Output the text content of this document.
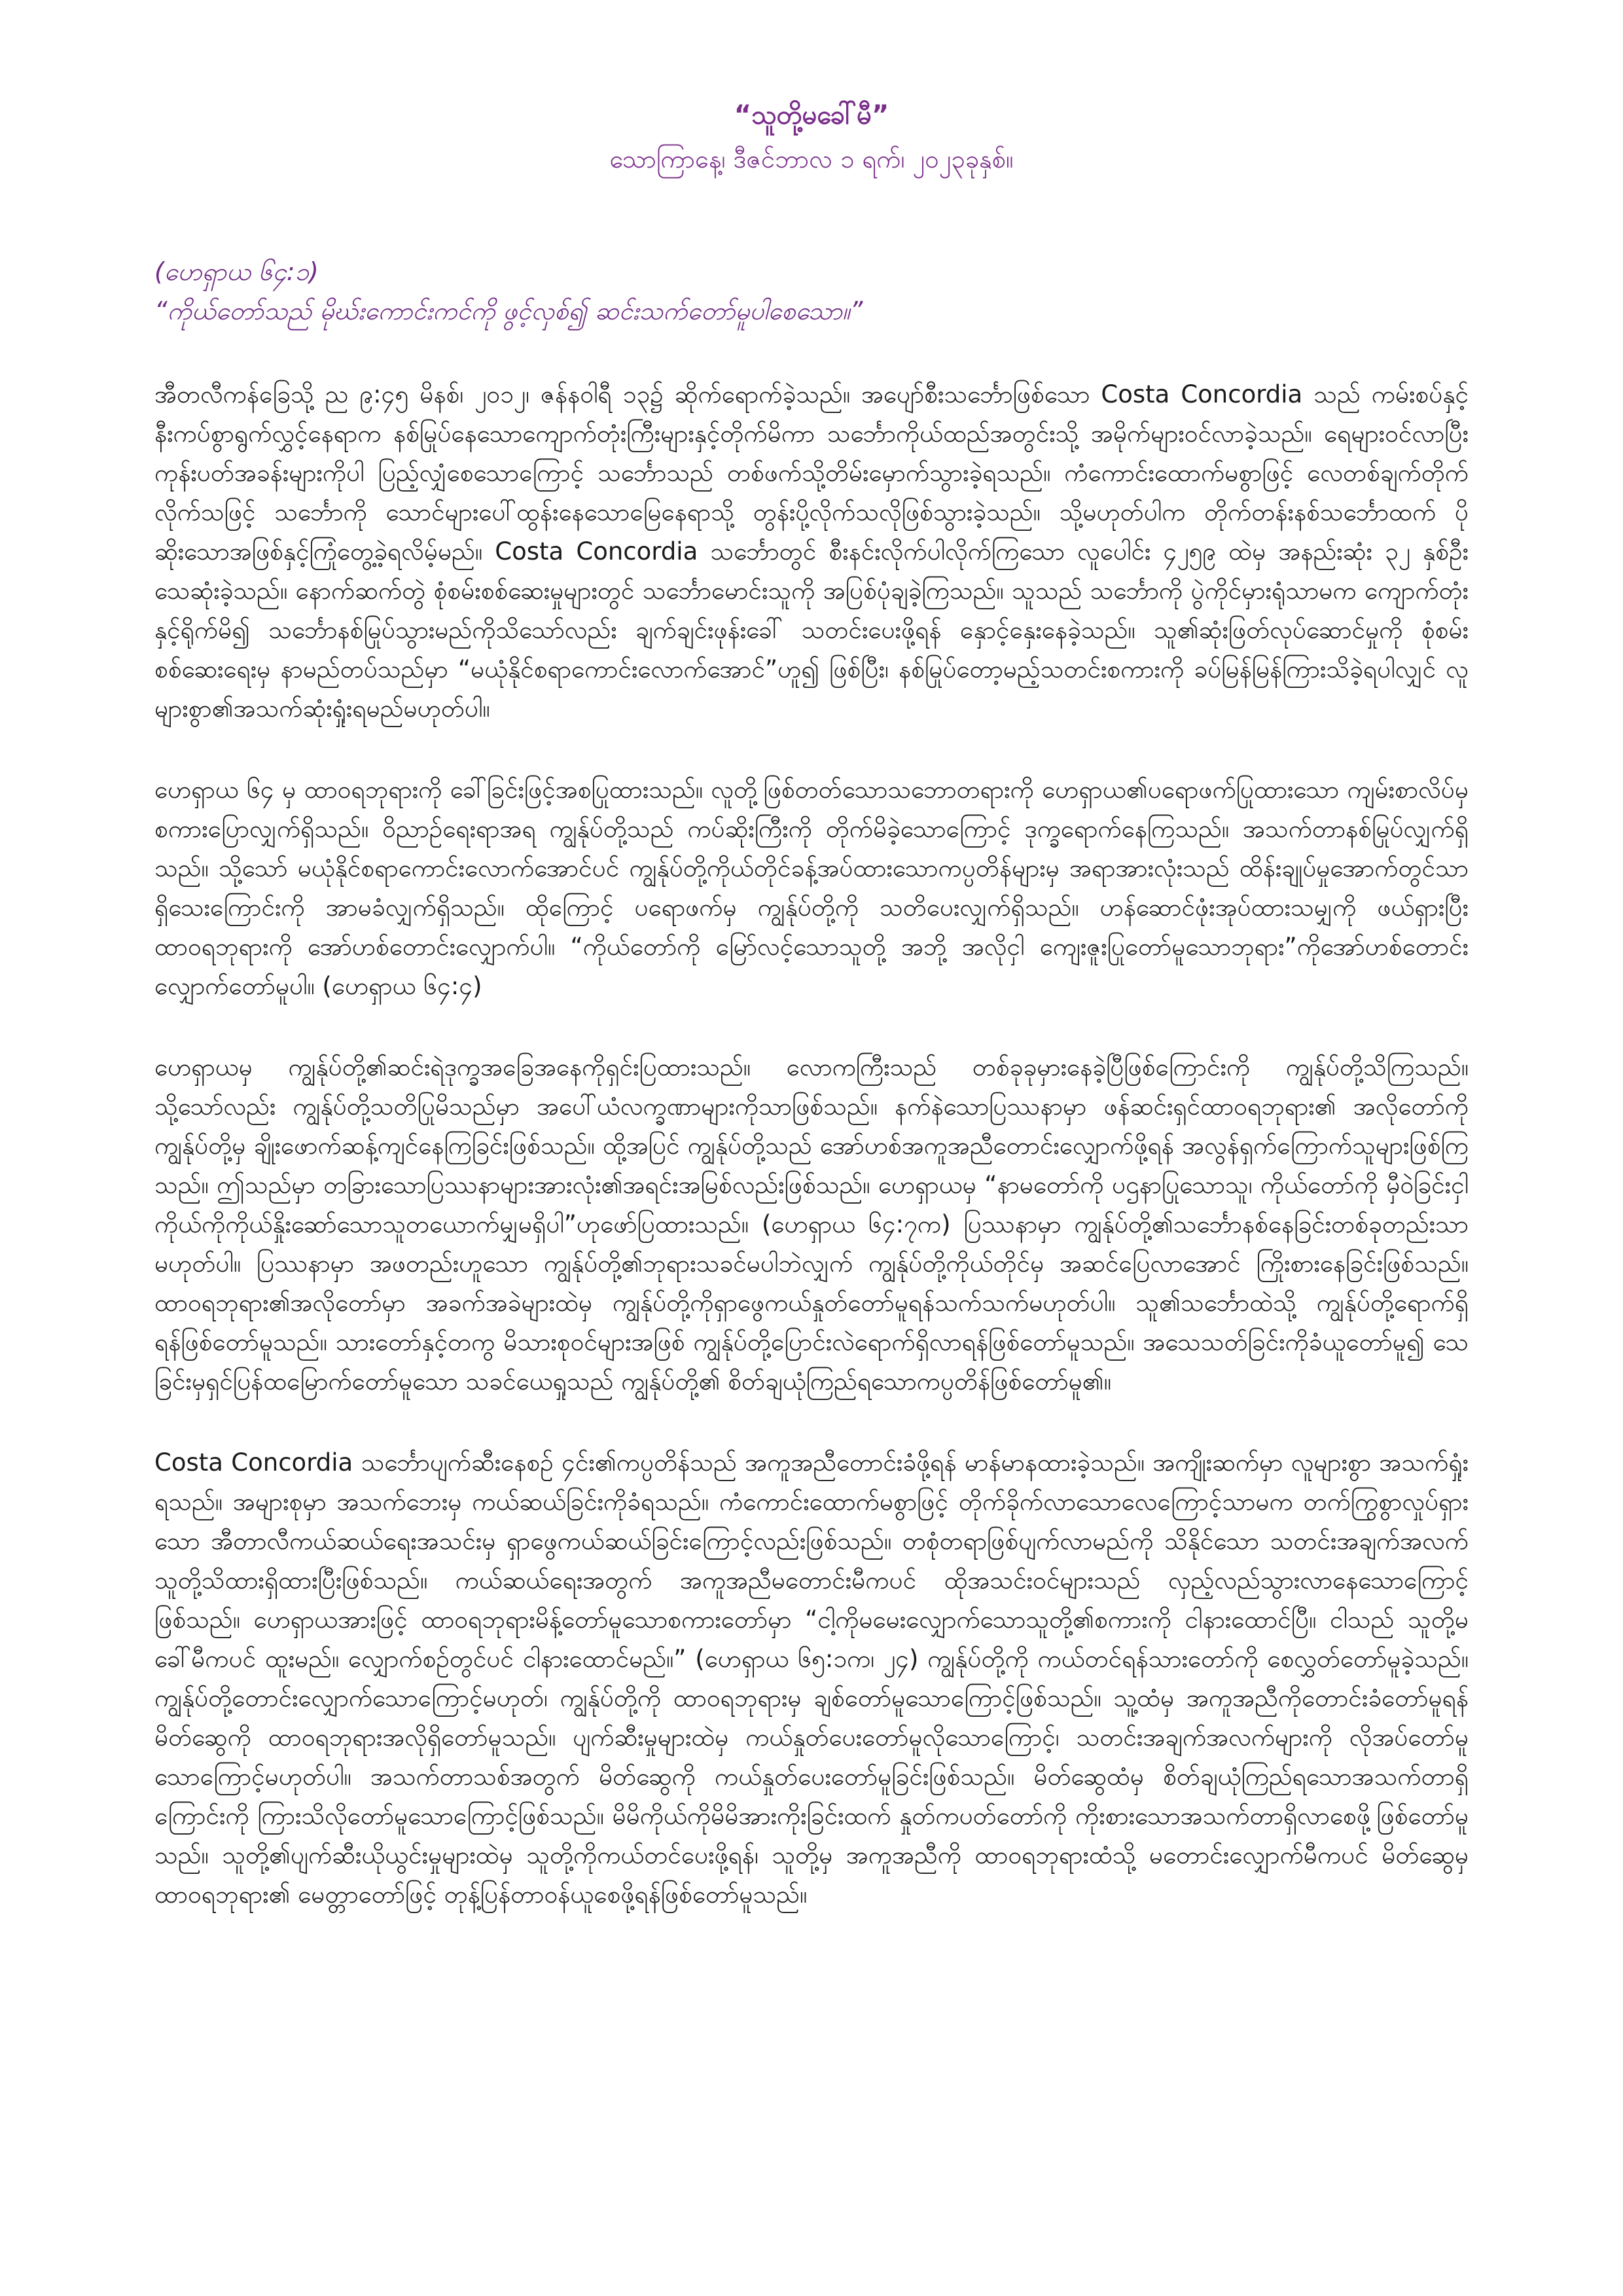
“သူတို့မခေါ်မီ”
သောကြာနေ့၊ ဒီဇင်ဘာလ ၁ ရက်၊ ၂၀၂၃ခုနှစ်။

(ဟေရှာယ ၆၄:၁)

“ကိုယ်တော်သည် မိုဃ်းကောင်းကင်ကို ဖွင့်လှစ်၍ ဆင်းသက်တော်မူပါစေသော။”

အီတလီကန်ခြေသို့ ည ၉:၄၅ မိနစ်၊ ၂၀၁၂၊ ဇန်နဝါရီ ၁၃၌ ဆိုက်ရောက်ခဲ့သည်။ အပျော်စီးသင်္ဘောဖြစ်သော Costa Concordia သည် ကမ်းစပ်နှင့်နီးကပ်စွာရွက်လွှင့်နေရာက နစ်မြုပ်နေသောကျောက်တုံးကြီးများနှင့်တိုက်မိကာ သင်္ဘောကိုယ်ထည်အတွင်းသို့ အမိုက်များဝင်လာခဲ့သည်။ ရေများဝင်လာပြီး ကုန်းပတ်အခန်းများကိုပါ ပြည့်လျှံစေသောကြောင့် သင်္ဘောသည် တစ်ဖက်သို့တိမ်းမှောက်သွားခဲ့ရသည်။ ကံကောင်းထောက်မစွာဖြင့် လေတစ်ချက်တိုက်လိုက်သဖြင့် သင်္ဘောကို သောင်များပေါ်ထွန်းနေသောမြေနေရာသို့ တွန်းပို့လိုက်သလိုဖြစ်သွားခဲ့သည်။ သို့မဟုတ်ပါက တိုက်တန်းနစ်သင်္ဘောထက် ပိုဆိုးသောအဖြစ်နှင့်ကြုံတွေ့ခဲ့ရလိမ့်မည်။ Costa Concordia သင်္ဘောတွင် စီးနင်းလိုက်ပါလိုက်ကြသော လူပေါင်း ၄၂၅၉ ထဲမှ အနည်းဆုံး ၃၂ နှစ်ဦးသေဆုံးခဲ့သည်။ နောက်ဆက်တွဲ စုံစမ်းစစ်ဆေးမှုများတွင် သင်္ဘောမောင်းသူကို အပြစ်ပုံချခဲ့ကြသည်။ သူသည် သင်္ဘောကို ပွဲကိုင်မှားရုံသာမက ကျောက်တုံးနှင့်ရိုက်မိ၍ သင်္ဘောနစ်မြုပ်သွားမည်ကိုသိသော်လည်း ချက်ချင်းဖုန်းခေါ် သတင်းပေးဖို့ရန် နှောင့်နှေးနေခဲ့သည်။ သူ၏ဆုံးဖြတ်လုပ်ဆောင်မှုကို စုံစမ်းစစ်ဆေးရေးမှ နာမည်တပ်သည်မှာ “မယုံနိုင်စရာကောင်းလောက်အောင်”ဟူ၍ ဖြစ်ပြီး၊ နစ်မြုပ်တော့မည့်သတင်းစကားကို ခပ်မြန်မြန်ကြားသိခဲ့ရပါလျှင် လူများစွာ၏အသက်ဆုံးရှုံးရမည်မဟုတ်ပါ။

ဟေရှာယ ၆၄ မှ ထာဝရဘုရားကို ခေါ်ခြင်းဖြင့်အစပြုထားသည်။ လူတို့ဖြစ်တတ်သောသဘောတရားကို ဟေရှာယ၏ပရောဖက်ပြုထားသော ကျမ်းစာလိပ်မှ စကားပြောလျှက်ရှိသည်။ ဝိညာဉ်ရေးရာအရ ကျွန်ုပ်တို့သည် ကပ်ဆိုးကြီးကို တိုက်မိခဲ့သောကြောင့် ဒုက္ခရောက်နေကြသည်။ အသက်တာနစ်မြုပ်လျှက်ရှိသည်။ သို့သော် မယုံနိုင်စရာကောင်းလောက်အောင်ပင် ကျွန်ုပ်တို့ကိုယ်တိုင်ခန့်အပ်ထားသောကပ္ပတိန်များမှ အရာအားလုံးသည် ထိန်းချုပ်မှုအောက်တွင်သာရှိသေးကြောင်းကို အာမခံလျှက်ရှိသည်။ ထိုကြောင့် ပရောဖက်မှ ကျွန်ုပ်တို့ကို သတိပေးလျှက်ရှိသည်။ ဟန်ဆောင်ဖုံးအုပ်ထားသမျှကို ဖယ်ရှားပြီး ထာဝရဘုရားကို အော်ဟစ်တောင်းလျှောက်ပါ။ “ကိုယ်တော်ကို မြော်လင့်သောသူတို့ အဘို့ အလိုငှါ ကျေးဇူးပြုတော်မူသောဘုရား”ကိုအော်ဟစ်တောင်းလျှောက်တော်မူပါ။ (ဟေရှာယ ၆၄:၄)

ဟေရှာယမှ ကျွန်ုပ်တို့၏ဆင်းရဲဒုက္ခအခြေအနေကိုရှင်းပြထားသည်။ လောကကြီးသည် တစ်ခုခုမှားနေခဲ့ပြီဖြစ်ကြောင်းကို ကျွန်ုပ်တို့သိကြသည်။ သို့သော်လည်း ကျွန်ုပ်တို့သတိပြုမိသည်မှာ အပေါ်ယံလက္ခဏာများကိုသာဖြစ်သည်။ နက်နဲသောပြဿနာမှာ ဖန်ဆင်းရှင်ထာဝရဘုရား၏ အလိုတော်ကို ကျွန်ုပ်တို့မှ ချိုးဖောက်ဆန့်ကျင်နေကြခြင်းဖြစ်သည်။ ထို့အပြင် ကျွန်ုပ်တို့သည် အော်ဟစ်အကူအညီတောင်းလျှောက်ဖို့ရန် အလွန်ရှက်ကြောက်သူများဖြစ်ကြသည်။ ဤသည်မှာ တခြားသောပြဿနာများအားလုံး၏အရင်းအမြစ်လည်းဖြစ်သည်။ ဟေရှာယမှ “နာမတော်ကို ပဌနာပြုသောသူ၊ ကိုယ်တော်ကို မှီဝဲခြင်းငှါ ကိုယ်ကိုကိုယ်နှိုးဆော်သောသူတယောက်မျှမရှိပါ”ဟုဖော်ပြထားသည်။ (ဟေရှာယ ၆၄:၇က) ပြဿနာမှာ ကျွန်ုပ်တို့၏သင်္ဘောနစ်နေခြင်းတစ်ခုတည်းသာမဟုတ်ပါ။ ပြဿနာမှာ အဖတည်းဟူသော ကျွန်ုပ်တို့၏ဘုရားသခင်မပါဘဲလျှက် ကျွန်ုပ်တို့ကိုယ်တိုင်မှ အဆင်ပြေလာအောင် ကြိုးစားနေခြင်းဖြစ်သည်။ ထာဝရဘုရား၏အလိုတော်မှာ အခက်အခဲများထဲမှ ကျွန်ုပ်တို့ကိုရှာဖွေကယ်နှုတ်တော်မူရန်သက်သက်မဟုတ်ပါ။ သူ၏သင်္ဘောထဲသို့ ကျွန်ုပ်တို့ရောက်ရှိရန်ဖြစ်တော်မူသည်။ သားတော်နှင့်တကွ မိသားစုဝင်များအဖြစ် ကျွန်ုပ်တို့ပြောင်းလဲရောက်ရှိလာရန်ဖြစ်တော်မူသည်။ အသေသတ်ခြင်းကိုခံယူတော်မူ၍ သေခြင်းမှရှင်ပြန်ထမြောက်တော်မူသော သခင်ယေရှုသည် ကျွန်ုပ်တို့၏ စိတ်ချယုံကြည်ရသောကပ္ပတိန်ဖြစ်တော်မူ၏။

Costa Concordia သင်္ဘောပျက်ဆီးနေစဉ် ၄င်း၏ကပ္ပတိန်သည် အကူအညီတောင်းခံဖို့ရန် မာန်မာနထားခဲ့သည်။ အကျိုးဆက်မှာ လူများစွာ အသက်ရှုံးရသည်။ အများစုမှာ အသက်ဘေးမှ ကယ်ဆယ်ခြင်းကိုခံရသည်။ ကံကောင်းထောက်မစွာဖြင့် တိုက်ခိုက်လာသောလေကြောင့်သာမက တက်ကြွစွာလှုပ်ရှားသော အီတာလီကယ်ဆယ်ရေးအသင်းမှ ရှာဖွေကယ်ဆယ်ခြင်းကြောင့်လည်းဖြစ်သည်။ တစုံတရာဖြစ်ပျက်လာမည်ကို သိနိုင်သော သတင်းအချက်အလက် သူတို့သိထားရှိထားပြီးဖြစ်သည်။ ကယ်ဆယ်ရေးအတွက် အကူအညီမတောင်းမီကပင် ထိုအသင်းဝင်များသည် လှည့်လည်သွားလာနေသောကြောင့်ဖြစ်သည်။ ဟေရှာယအားဖြင့် ထာဝရဘုရားမိန့်တော်မူသောစကားတော်မှာ “ငါ့ကိုမမေးလျှောက်သောသူတို့၏စကားကို ငါနားထောင်ပြီ။ ငါသည် သူတို့မခေါ်မီကပင် ထူးမည်။ လျှောက်စဉ်တွင်ပင် ငါနားထောင်မည်။” (ဟေရှာယ ၆၅:၁က၊ ၂၄) ကျွန်ုပ်တို့ကို ကယ်တင်ရန်သားတော်ကို စေလွှတ်တော်မူခဲ့သည်။ ကျွန်ုပ်တို့တောင်းလျှောက်သောကြောင့်မဟုတ်၊ ကျွန်ုပ်တို့ကို ထာဝရဘုရားမှ ချစ်တော်မူသောကြောင့်ဖြစ်သည်။ သူ့ထံမှ အကူအညီကိုတောင်းခံတော်မူရန် မိတ်ဆွေကို ထာဝရဘုရားအလိုရှိတော်မူသည်။ ပျက်ဆီးမှုများထဲမှ ကယ်နှုတ်ပေးတော်မူလိုသောကြောင့်၊ သတင်းအချက်အလက်များကို လိုအပ်တော်မူသောကြောင့်မဟုတ်ပါ။ အသက်တာသစ်အတွက် မိတ်ဆွေကို ကယ်နှုတ်ပေးတော်မူခြင်းဖြစ်သည်။ မိတ်ဆွေထံမှ စိတ်ချယုံကြည်ရသောအသက်တာရှိကြောင်းကို ကြားသိလိုတော်မူသောကြောင့်ဖြစ်သည်။ မိမိကိုယ်ကိုမိမိအားကိုးခြင်းထက် နှုတ်ကပတ်တော်ကို ကိုးစားသောအသက်တာရှိလာစေဖို့ဖြစ်တော်မူသည်။ သူတို့၏ပျက်ဆီးယိုယွင်းမှုများထဲမှ သူတို့ကိုကယ်တင်ပေးဖို့ရန်၊ သူတို့မှ အကူအညီကို ထာဝရဘုရားထံသို့ မတောင်းလျှောက်မီကပင် မိတ်ဆွေမှ ထာဝရဘုရား၏ မေတ္တာတော်ဖြင့် တုန့်ပြန်တာဝန်ယူစေဖို့ရန်ဖြစ်တော်မူသည်။
